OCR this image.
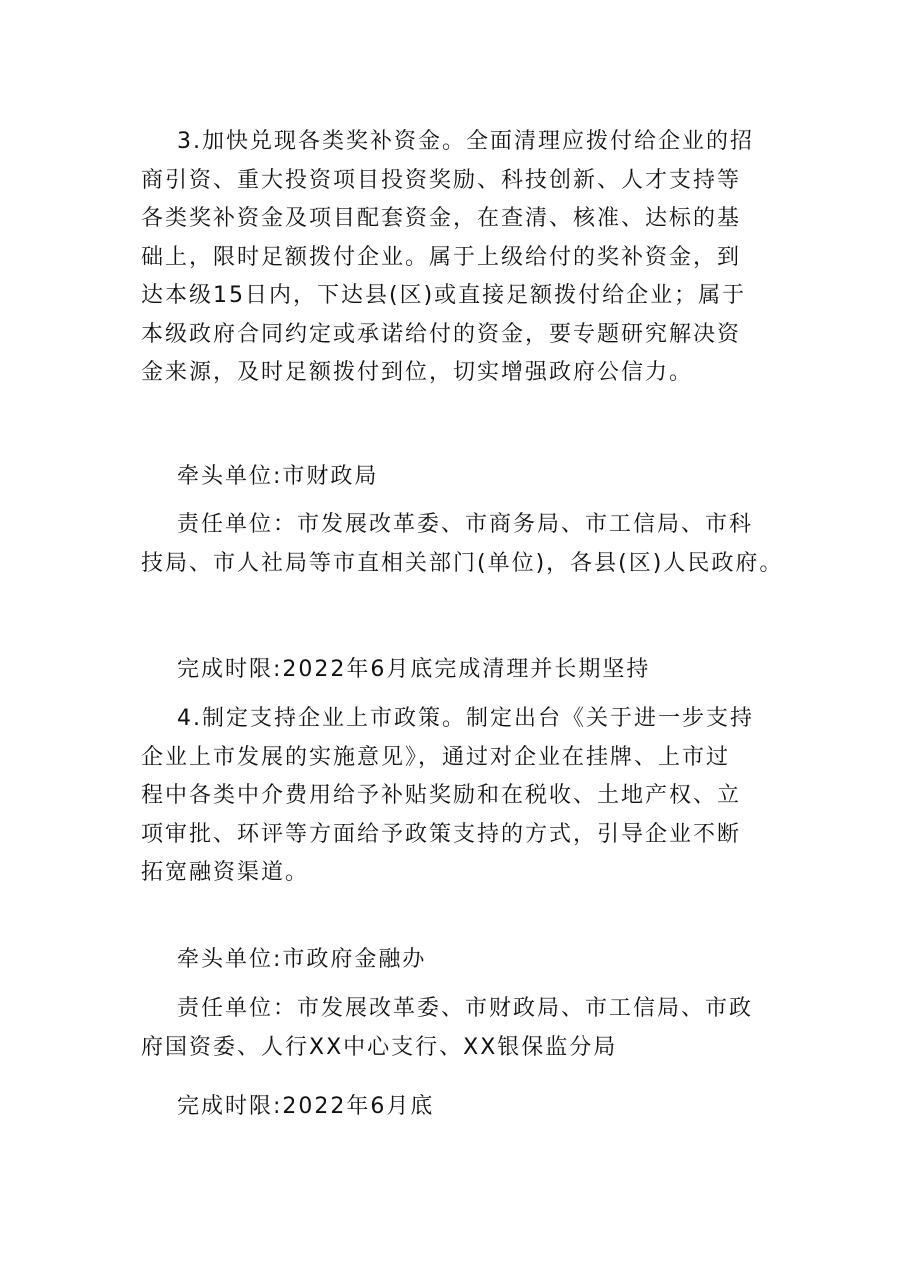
3.加快兑现各类奖补资金。全面清理应拨付给企业的招
商引资、重大投资项目投资奖励、科技创新、人才支持等
各类奖补资金及项目配套资金，在查清、核准、达标的基
础上，限时足额拨付企业。属于上级给付的奖补资金，到
达本级15日内，下达县(区)或直接足额拨付给企业；属于
本级政府合同约定或承诺给付的资金，要专题研究解决资
金来源，及时足额拨付到位，切实增强政府公信力。
牵头单位:市财政局
责任单位：市发展改革委、市商务局、市工信局、市科
技局、市人社局等市直相关部门(单位)，各县(区)人民政府。
完成时限:2022年6月底完成清理并长期坚持
4.制定支持企业上市政策。制定出台《关于进一步支持
企业上市发展的实施意见》，通过对企业在挂牌、上市过
程中各类中介费用给予补贴奖励和在税收、土地产权、立
项审批、环评等方面给予政策支持的方式，引导企业不断
拓宽融资渠道。
牵头单位:市政府金融办
责任单位：市发展改革委、市财政局、市工信局、市政
府国资委、人行XX中心支行、XX银保监分局
完成时限:2022年6月底
